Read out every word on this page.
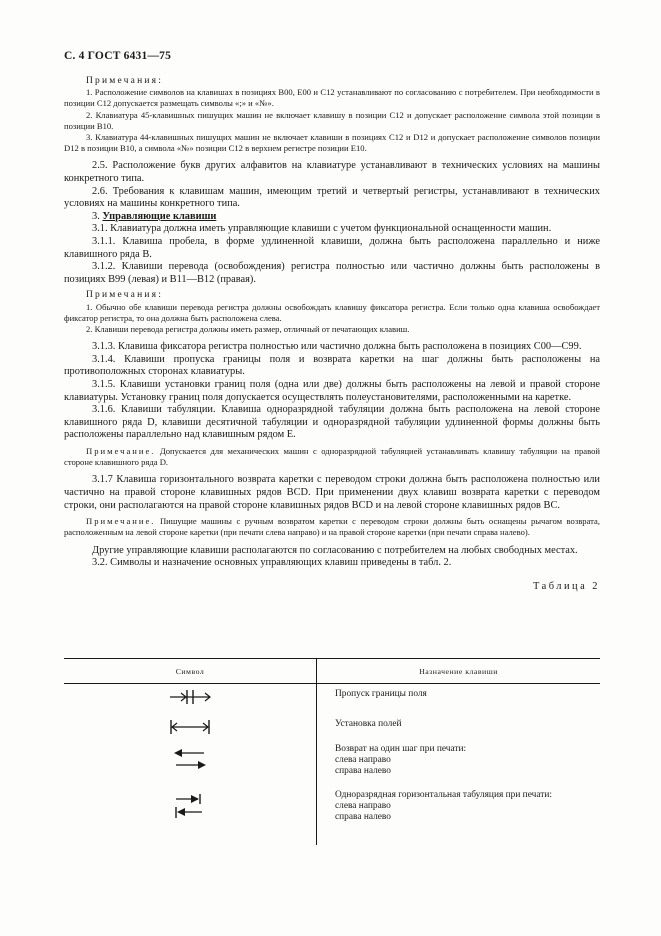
С. 4 ГОСТ 6431—75

Примечания:

1. Расположение символов на клавишах в позициях В00, Е00 и С12 устанавливают по согласованию с потребителем. При необходимости в позиции С12 допускается размещать символы «;» и «№».

2. Клавиатура 45-клавишных пишущих машин не включает клавишу в позиции С12 и допускает расположение символа этой позиции в позиции В10.

3. Клавиатура 44-клавишных пишущих машин не включает клавиши в позициях С12 и D12 и допускает расположение символов позиции D12 в позиции В10, а символа «№» позиции С12 в верхнем регистре позиции Е10.

2.5. Расположение букв других алфавитов на клавиатуре устанавливают в технических условиях на машины конкретного типа.

2.6. Требования к клавишам машин, имеющим третий и четвертый регистры, устанавливают в технических условиях на машины конкретного типа.

3. Управляющие клавиши

3.1. Клавиатура должна иметь управляющие клавиши с учетом функциональной оснащенности машин.

3.1.1. Клавиша пробела, в форме удлиненной клавиши, должна быть расположена параллельно и ниже клавишного ряда В.

3.1.2. Клавиши перевода (освобождения) регистра полностью или частично должны быть расположены в позициях В99 (левая) и В11—В12 (правая).

Примечания:

1. Обычно обе клавиши перевода регистра должны освобождать клавишу фиксатора регистра. Если только одна клавиша освобождает фиксатор регистра, то она должна быть расположена слева.

2. Клавиши перевода регистра должны иметь размер, отличный от печатающих клавиш.

3.1.3. Клавиша фиксатора регистра полностью или частично должна быть расположена в позициях С00—С99.

3.1.4. Клавиши пропуска границы поля и возврата каретки на шаг должны быть расположены на противоположных сторонах клавиатуры.

3.1.5. Клавиши установки границ поля (одна или две) должны быть расположены на левой и правой стороне клавиатуры. Установку границ поля допускается осуществлять полеустановителями, расположенными на каретке.

3.1.6. Клавиши табуляции. Клавиша одноразрядной табуляции должна быть расположена на левой стороне клавишного ряда D, клавиши десятичной табуляции и одноразрядной табуляции удлиненной формы должны быть расположены параллельно над клавишным рядом Е.

Примечание. Допускается для механических машин с одноразрядной табуляцией устанавливать клавишу табуляции на правой стороне клавишного ряда D.

3.1.7 Клавиша горизонтального возврата каретки с переводом строки должна быть расположена полностью или частично на правой стороне клавишных рядов ВСD. При применении двух клавиш возврата каретки с переводом строки, они располагаются на правой стороне клавишных рядов ВСD и на левой стороне клавишных рядов ВС.

Примечание. Пишущие машины с ручным возвратом каретки с переводом строки должны быть оснащены рычагом возврата, расположенным на левой стороне каретки (при печати слева направо) и на правой стороне каретки (при печати справа налево).

Другие управляющие клавиши располагаются по согласованию с потребителем на любых свободных местах.

3.2. Символы и назначение основных управляющих клавиш приведены в табл. 2.

Таблица 2
Символ	Назначение клавиши

Пропуск границы поля

Установка полей

Возврат на один шаг при печати:
слева направо
справа налево

Одноразрядная горизонтальная табуляция при печати:
слева направо
справа налево
